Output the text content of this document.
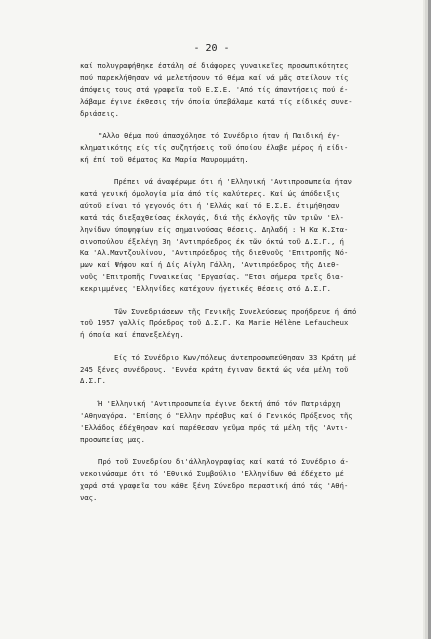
- 20 -
καί πολυγραφήθηκε έστάλη σέ διάφορες γυναικεῖες προσωπικότητες
πού παρεκλήθησαν νά μελετήσουν τό θέμα καί νά μᾶς στείλουν τίς
άπόψεις τους στά γραφεῖα τοῦ Ε.Σ.Ε. 'Από τίς άπαντήσεις πού έ-
λάβαμε έγινε έκθεσις τήν όποία ύπεβάλαμε κατά τίς είδικές συνε-
δριάσεις.
"Αλλο θέμα πού άπασχόλησε τό Συνέδριο ήταν ή Παιδική έγ-
κληματικότης είς τίς συζητήσεις τοῦ όποίου έλαβε μέρος ή είδι-
κή έπί τοῦ θέματος Κα Μαρία Μαυρομμάτη.
Πρέπει νά άναφέρωμε ότι ή 'Ελληνική 'Αντιπροσωπεία ήταν
κατά γενική όμολογία μία άπό τίς καλύτερες. Καί ώς άπόδειξις
αύτοῦ είναι τό γεγονός ότι ή 'Ελλάς καί τό Ε.Σ.Ε. έτιμήθησαν
κατά τάς διεξαχθείσας έκλογάς, διά τῆς έκλογῆς τῶν τριῶν 'Ελ-
ληνίδων ύποψηφίων είς σημαινούσας θέσεις. Δηλαδή : Ή Κα Κ.Στα-
σινοπούλου έξελέγη 3η 'Αντιπρόεδρος έκ τῶν όκτώ τοῦ Δ.Σ.Γ., ή
Κα 'Αλ.Μαντζουλίνου, 'Αντιπρόεδρος τῆς διεθνοῦς 'Επιτροπῆς Νό-
μων καί Ψήφου καί ή Δίς Αίγλη Γάλλη, 'Αντιπρόεδρος τῆς Διεθ-
νοῦς 'Επιτροπῆς Γυναικείας 'Εργασίας. "Ετσι σήμερα τρεῖς δια-
κεκριμμένες 'Ελληνίδες κατέχουν ήγετικές θέσεις στό Δ.Σ.Γ.
Τῶν Συνεδριάσεων τῆς Γενικῆς Συνελεύσεως προήδρευε ή άπό
τοῦ 1957 γαλλίς Πρόεδρος τοῦ Δ.Σ.Γ. Κα Marie Hélène Lefaucheux
ή όποία καί έπανεξελέγη.
Είς τό Συνέδριο Κων/πόλεως άντεπροσωπεύθησαν 33 Κράτη μέ
245 ξένες συνέδρους. 'Εννέα κράτη έγιναν δεκτά ώς νέα μέλη τοῦ
Δ.Σ.Γ.
Ή 'Ελληνική 'Αντιπροσωπεία έγινε δεκτή άπό τόν Πατριάρχη
'Αθηναγόρα. 'Επίσης ό "Ελλην πρέσβυς καί ό Γενικός Πρόξενος τῆς
'Ελλάδος έδέχθησαν καί παρέθεσαν γεῦμα πρός τά μέλη τῆς 'Αντι-
προσωπείας μας.
Πρό τοῦ Συνεδρίου δι'άλληλογραφίας καί κατά τό Συνέδριο ά-
νεκοινώσαμε ότι τό 'Εθνικό Συμβούλιο 'Ελληνίδων θά έδέχετο μέ
χαρά στά γραφεῖα του κάθε ξένη Σύνεδρο περαστική άπό τάς 'Αθή-
νας.
